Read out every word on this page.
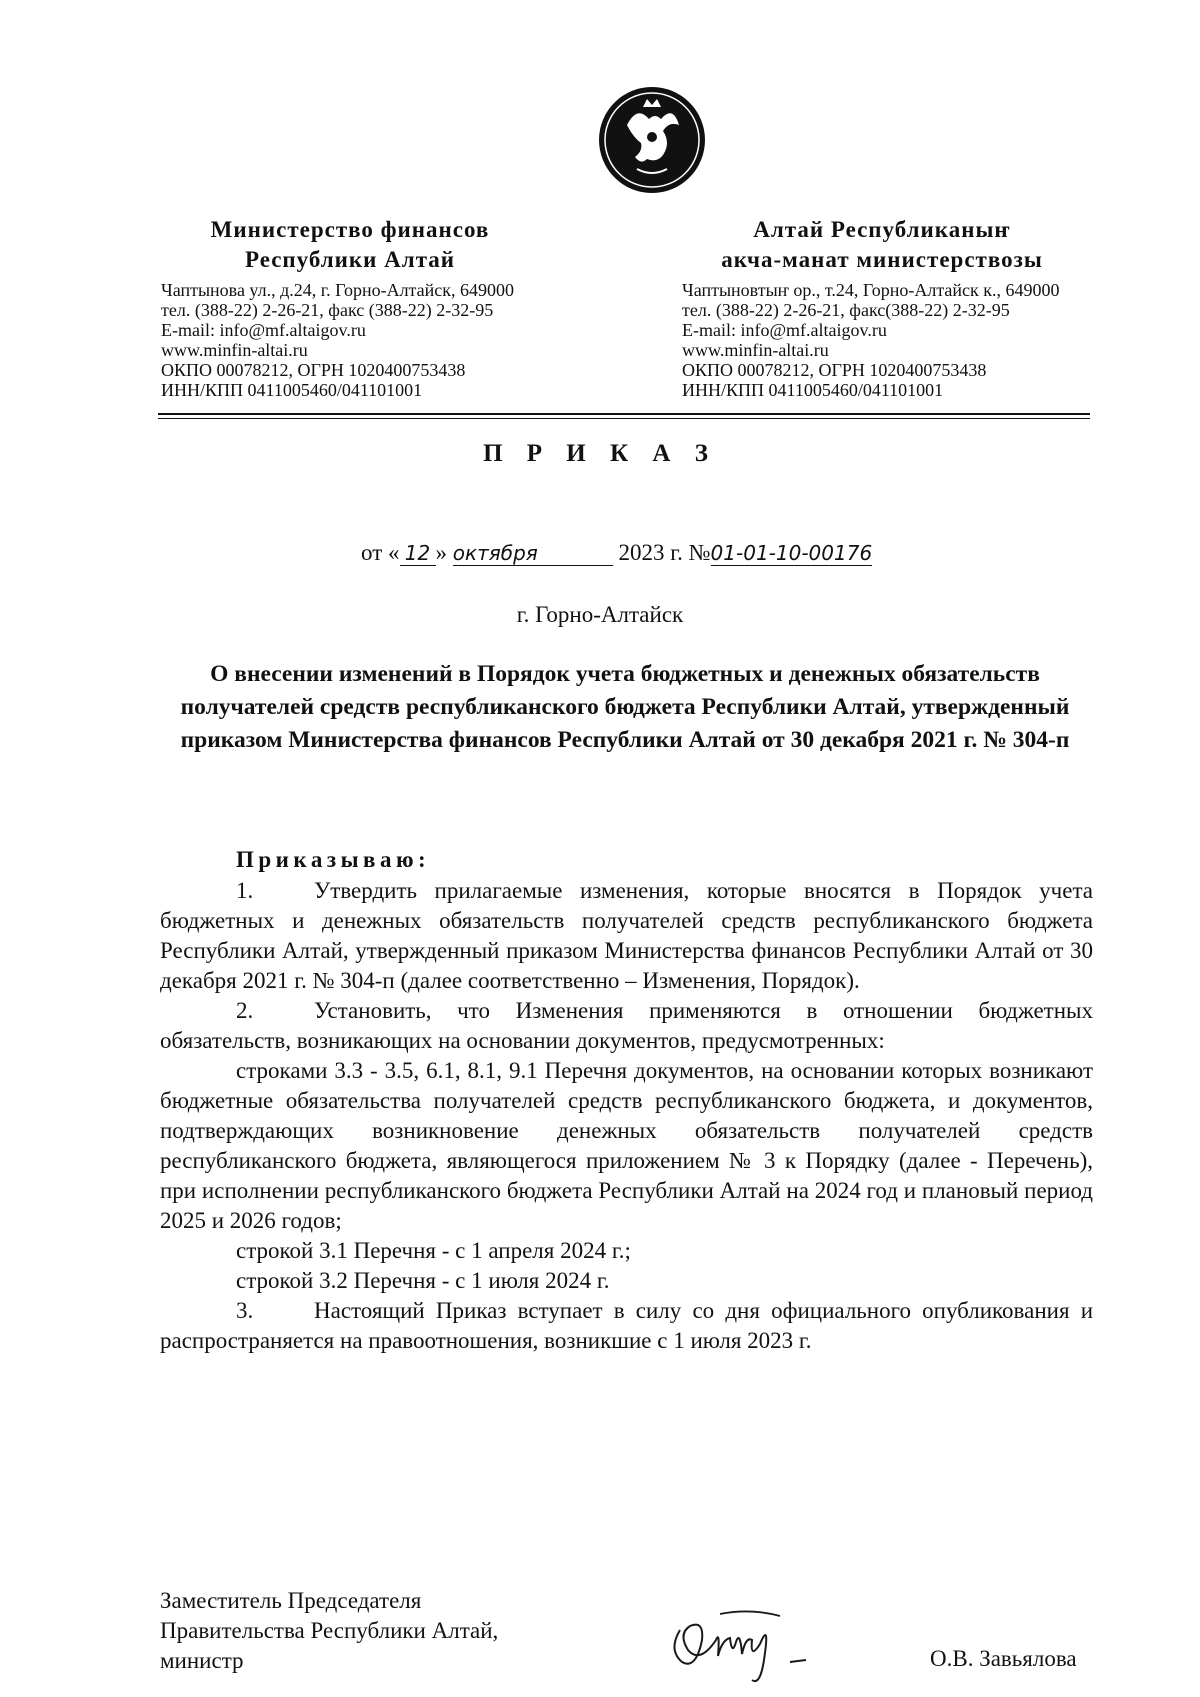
Министерство финансов
Республики Алтай
Чаптынова ул., д.24, г. Горно-Алтайск, 649000
тел. (388-22) 2-26-21, факс (388-22) 2-32-95
E-mail: info@mf.altaigov.ru
www.minfin-altai.ru
ОКПО 00078212, ОГРН 1020400753438
ИНН/КПП 0411005460/041101001
Алтай Республиканыҥ
акча-манат министерствозы
Чаптыновтыҥ ор., т.24, Горно-Алтайск к., 649000
тел. (388-22) 2-26-21, факс(388-22) 2-32-95
E-mail: info@mf.altaigov.ru
www.minfin-altai.ru
ОКПО 00078212, ОГРН 1020400753438
ИНН/КПП 0411005460/041101001
П Р И К А З
от « 12 » октября	2023 г. №01-01-10-00176
г. Горно-Алтайск
О внесении изменений в Порядок учета бюджетных и денежных обязательств получателей средств республиканского бюджета Республики Алтай, утвержденный приказом Министерства финансов Республики Алтай от 30 декабря 2021 г. № 304-п
Приказываю:

1.	Утвердить прилагаемые изменения, которые вносятся в Порядок учета бюджетных и денежных обязательств получателей средств республиканского бюджета Республики Алтай, утвержденный приказом Министерства финансов Республики Алтай от 30 декабря 2021 г. № 304-п (далее соответственно – Изменения, Порядок).

2.	Установить, что Изменения применяются в отношении бюджетных обязательств, возникающих на основании документов, предусмотренных:

строками 3.3 - 3.5, 6.1, 8.1, 9.1 Перечня документов, на основании которых возникают бюджетные обязательства получателей средств республиканского бюджета, и документов, подтверждающих возникновение денежных обязательств получателей средств республиканского бюджета, являющегося приложением № 3 к Порядку (далее - Перечень), при исполнении республиканского бюджета Республики Алтай на 2024 год и плановый период 2025 и 2026 годов;

строкой 3.1 Перечня - с 1 апреля 2024 г.;

строкой 3.2 Перечня - с 1 июля 2024 г.

3.	Настоящий Приказ вступает в силу со дня официального опубликования и распространяется на правоотношения, возникшие с 1 июля 2023 г.

Заместитель Председателя
Правительства Республики Алтай,
министр	О.В. Завьялова
